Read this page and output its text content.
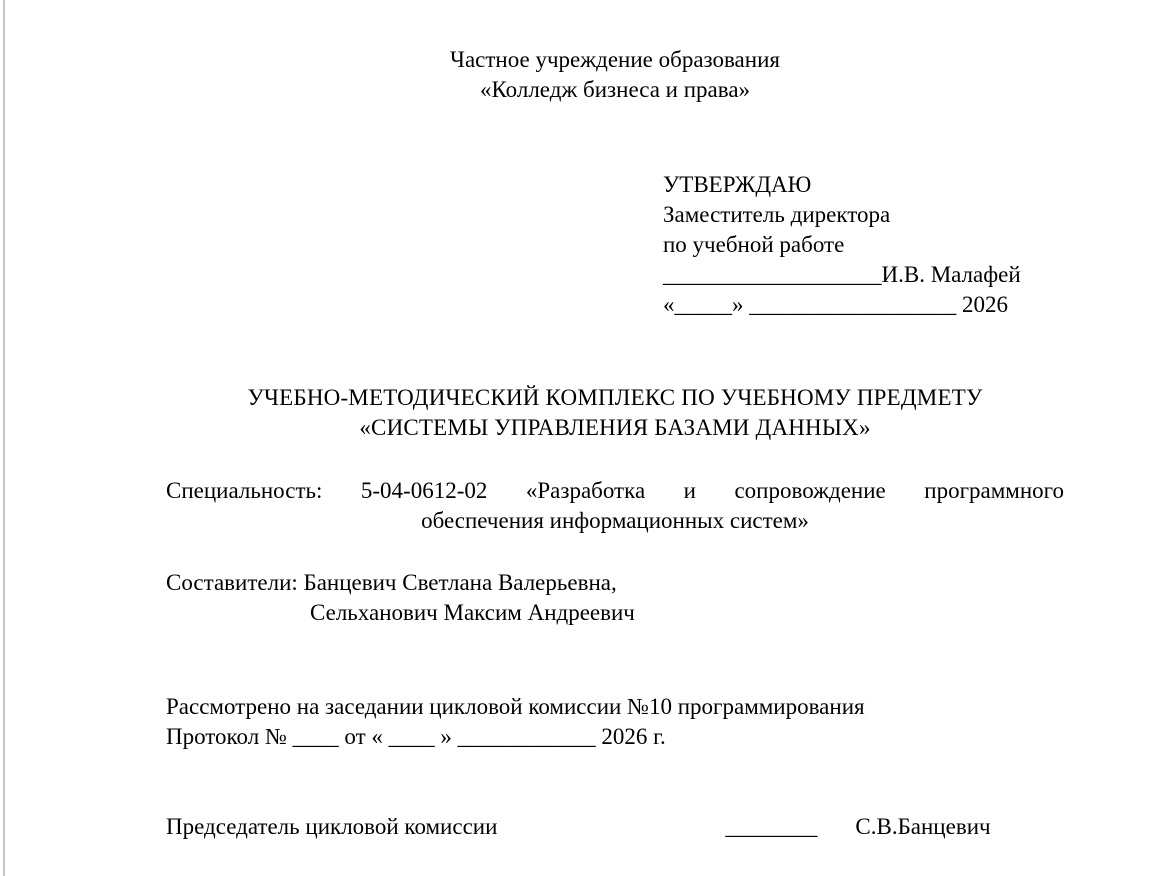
Частное учреждение образования
«Колледж бизнеса и права»
УТВЕРЖДАЮ
Заместитель директора
по учебной работе
___________________И.В. Малафей
«_____» __________________ 2026
УЧЕБНО-МЕТОДИЧЕСКИЙ КОМПЛЕКС ПО УЧЕБНОМУ ПРЕДМЕТУ
«СИСТЕМЫ УПРАВЛЕНИЯ БАЗАМИ ДАННЫХ»
Специальность: 5-04-0612-02 «Разработка и сопровождение программного
обеспечения информационных систем»
Составители: Банцевич Светлана Валерьевна,
Сельханович Максим Андреевич
Рассмотрено на заседании цикловой комиссии №10 программирования
Протокол № ____ от « ____ » ____________ 2026 г.
Председатель цикловой комиссии	________ С.В.Банцевич
